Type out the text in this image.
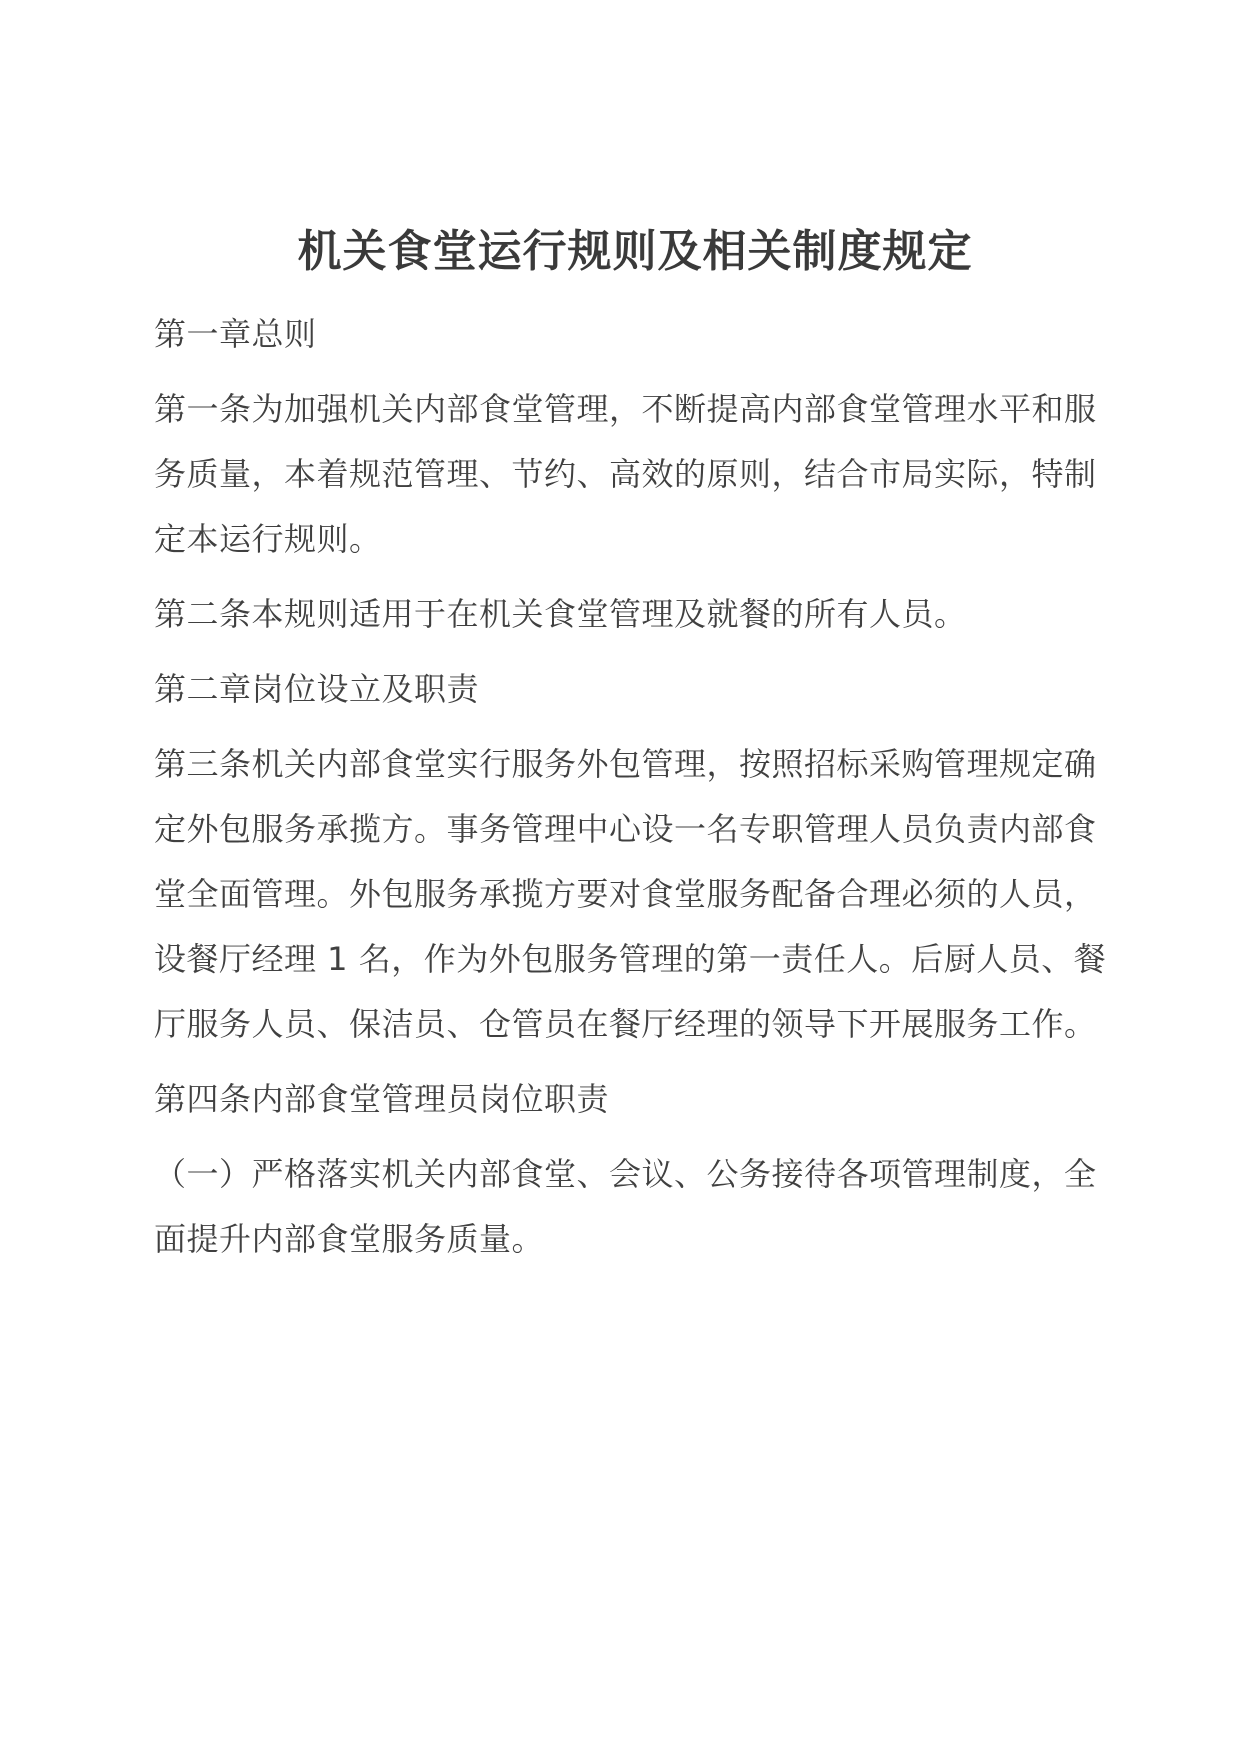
机关食堂运行规则及相关制度规定

第一章总则

第一条为加强机关内部食堂管理，不断提高内部食堂管理水平和服务质量，本着规范管理、节约、高效的原则，结合市局实际，特制定本运行规则。

第二条本规则适用于在机关食堂管理及就餐的所有人员。

第二章岗位设立及职责

第三条机关内部食堂实行服务外包管理，按照招标采购管理规定确定外包服务承揽方。事务管理中心设一名专职管理人员负责内部食堂全面管理。外包服务承揽方要对食堂服务配备合理必须的人员，设餐厅经理 1 名，作为外包服务管理的第一责任人。后厨人员、餐厅服务人员、保洁员、仓管员在餐厅经理的领导下开展服务工作。

第四条内部食堂管理员岗位职责

（一）严格落实机关内部食堂、会议、公务接待各项管理制度，全面提升内部食堂服务质量。
